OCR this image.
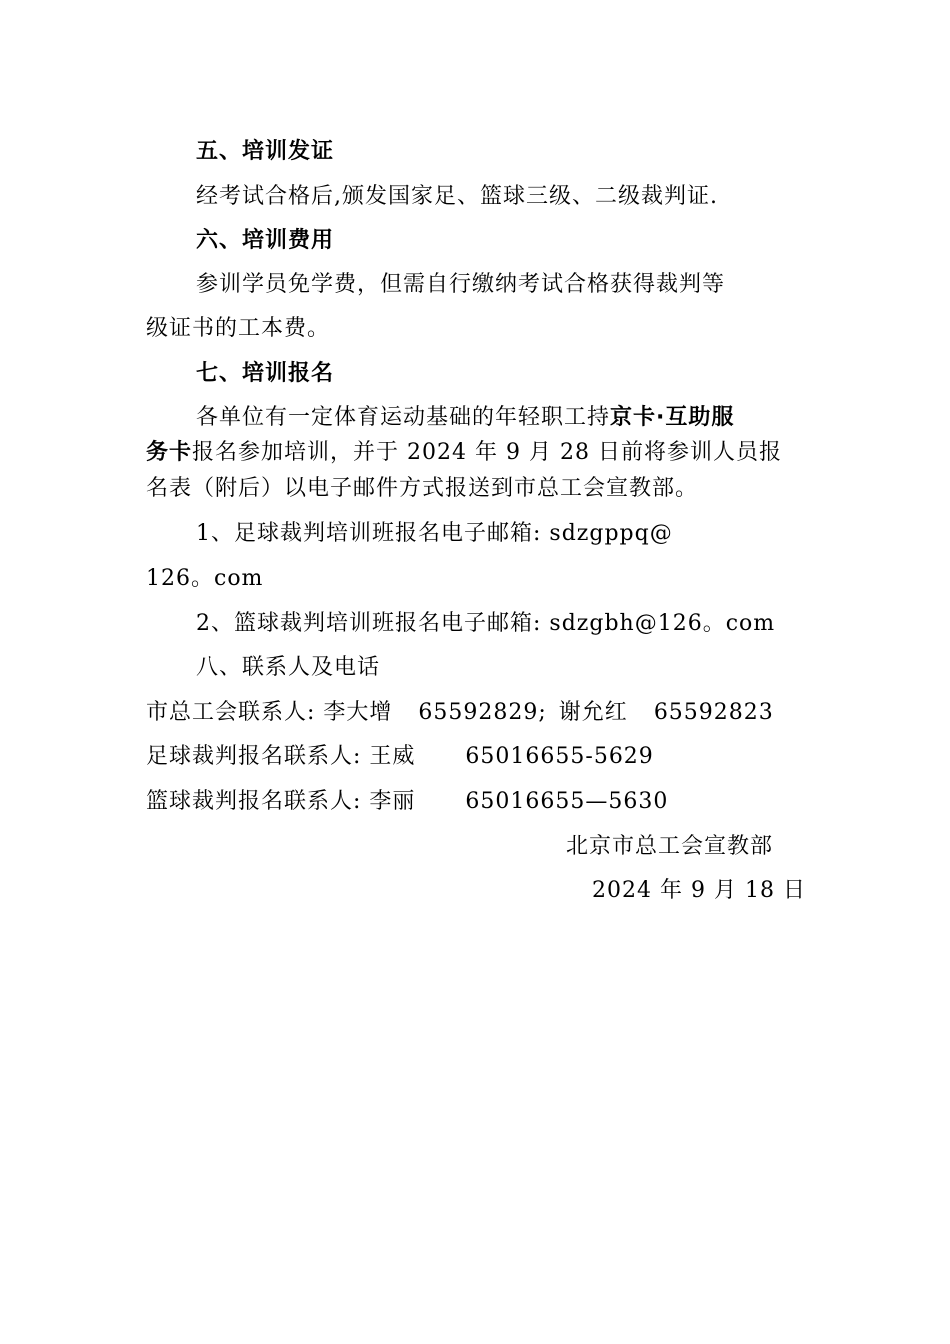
五、培训发证
经考试合格后,颁发国家足、篮球三级、二级裁判证.
六、培训费用
参训学员免学费，但需自行缴纳考试合格获得裁判等
级证书的工本费。
七、培训报名
各单位有一定体育运动基础的年轻职工持京卡·互助服
务卡报名参加培训，并于 2024 年 9 月 28 日前将参训人员报
名表（附后）以电子邮件方式报送到市总工会宣教部。
1、足球裁判培训班报名电子邮箱: sdzgppq@
126。com
2、篮球裁判培训班报名电子邮箱: sdzgbh@126。com
八、联系人及电话
市总工会联系人: 李大增 65592829; 谢允红 65592823
足球裁判报名联系人: 王威 65016655-5629
篮球裁判报名联系人: 李丽 65016655—5630
北京市总工会宣教部
2024 年 9 月 18 日
